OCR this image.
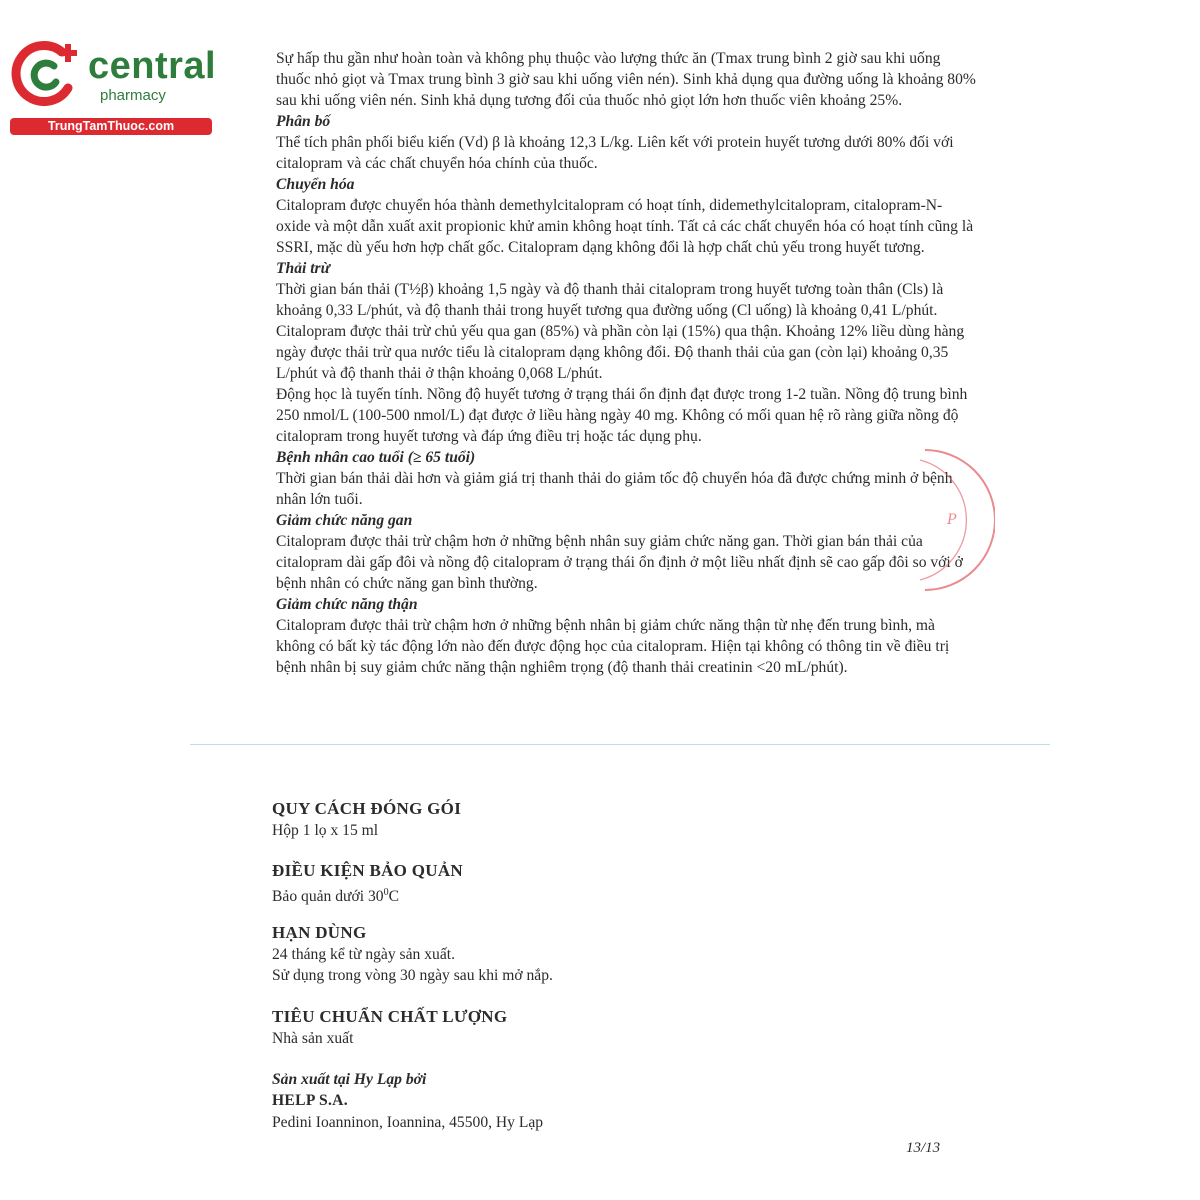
central
pharmacy
TrungTamThuoc.com

Sự hấp thu gần như hoàn toàn và không phụ thuộc vào lượng thức ăn (Tmax trung bình 2 giờ sau khi uống thuốc nhỏ giọt và Tmax trung bình 3 giờ sau khi uống viên nén). Sinh khả dụng qua đường uống là khoảng 80% sau khi uống viên nén. Sinh khả dụng tương đối của thuốc nhỏ giọt lớn hơn thuốc viên khoảng 25%.

Phân bố

Thể tích phân phối biểu kiến (Vd) β là khoảng 12,3 L/kg. Liên kết với protein huyết tương dưới 80% đối với citalopram và các chất chuyển hóa chính của thuốc.

Chuyển hóa

Citalopram được chuyển hóa thành demethylcitalopram có hoạt tính, didemethylcitalopram, citalopram-N-oxide và một dẫn xuất axit propionic khử amin không hoạt tính. Tất cả các chất chuyển hóa có hoạt tính cũng là SSRI, mặc dù yếu hơn hợp chất gốc. Citalopram dạng không đổi là hợp chất chủ yếu trong huyết tương.

Thải trừ

Thời gian bán thải (T½β) khoảng 1,5 ngày và độ thanh thải citalopram trong huyết tương toàn thân (Cls) là khoảng 0,33 L/phút, và độ thanh thải trong huyết tương qua đường uống (Cl uống) là khoảng 0,41 L/phút.

Citalopram được thải trừ chủ yếu qua gan (85%) và phần còn lại (15%) qua thận. Khoảng 12% liều dùng hàng ngày được thải trừ qua nước tiểu là citalopram dạng không đổi. Độ thanh thải của gan (còn lại) khoảng 0,35 L/phút và độ thanh thải ở thận khoảng 0,068 L/phút.

Động học là tuyến tính. Nồng độ huyết tương ở trạng thái ổn định đạt được trong 1-2 tuần. Nồng độ trung bình 250 nmol/L (100-500 nmol/L) đạt được ở liều hàng ngày 40 mg. Không có mối quan hệ rõ ràng giữa nồng độ citalopram trong huyết tương và đáp ứng điều trị hoặc tác dụng phụ.

Bệnh nhân cao tuổi (≥ 65 tuổi)

Thời gian bán thải dài hơn và giảm giá trị thanh thải do giảm tốc độ chuyển hóa đã được chứng minh ở bệnh nhân lớn tuổi.

Giảm chức năng gan

Citalopram được thải trừ chậm hơn ở những bệnh nhân suy giảm chức năng gan. Thời gian bán thải của citalopram dài gấp đôi và nồng độ citalopram ở trạng thái ổn định ở một liều nhất định sẽ cao gấp đôi so với ở bệnh nhân có chức năng gan bình thường.

Giảm chức năng thận

Citalopram được thải trừ chậm hơn ở những bệnh nhân bị giảm chức năng thận từ nhẹ đến trung bình, mà không có bất kỳ tác động lớn nào đến được động học của citalopram. Hiện tại không có thông tin về điều trị bệnh nhân bị suy giảm chức năng thận nghiêm trọng (độ thanh thải creatinin <20 mL/phút).

P
QUY CÁCH ĐÓNG GÓI
Hộp 1 lọ x 15 ml
ĐIỀU KIỆN BẢO QUẢN
Bảo quản dưới $30^0C$
HẠN DÙNG
24 tháng kể từ ngày sản xuất.
Sử dụng trong vòng 30 ngày sau khi mở nắp.
TIÊU CHUẨN CHẤT LƯỢNG
Nhà sản xuất
Sản xuất tại Hy Lạp bởi
HELP S.A.
Pedini Ioanninon, Ioannina, 45500, Hy Lạp
13/13
